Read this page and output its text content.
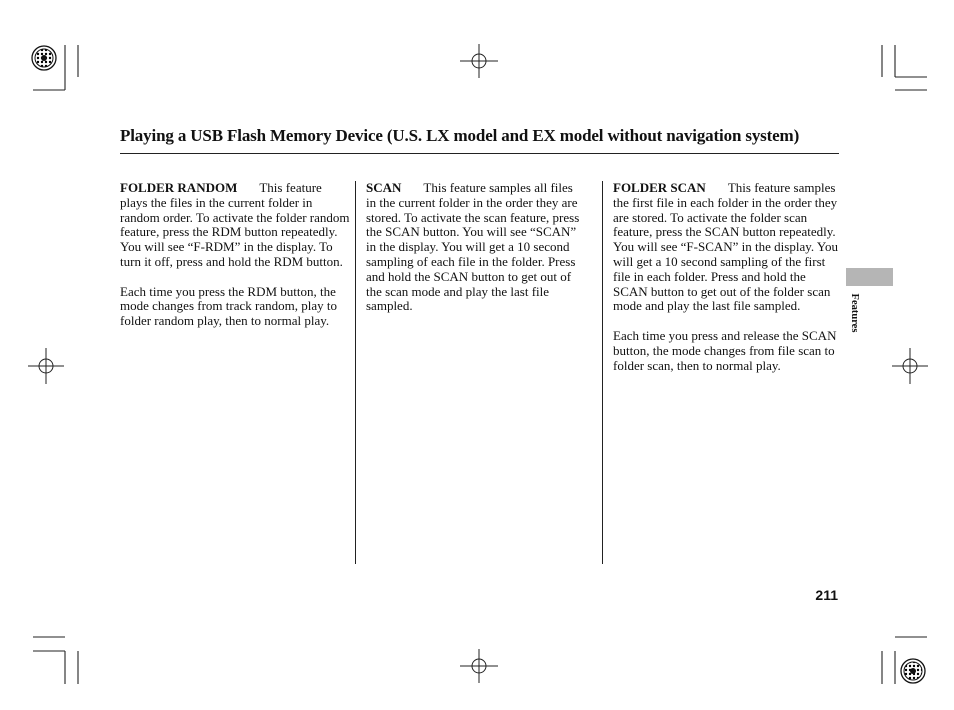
Playing a USB Flash Memory Device (U.S. LX model and EX model without navigation system)

FOLDER RANDOM This feature plays the files in the current folder in random order. To activate the folder random feature, press the RDM button repeatedly. You will see “F-RDM” in the display. To turn it off, press and hold the RDM button.

Each time you press the RDM button, the mode changes from track random, play to folder random play, then to normal play.

SCAN This feature samples all files in the current folder in the order they are stored. To activate the scan feature, press the SCAN button. You will see “SCAN” in the display. You will get a 10 second sampling of each file in the folder. Press and hold the SCAN button to get out of the scan mode and play the last file sampled.

FOLDER SCAN This feature samples the first file in each folder in the order they are stored. To activate the folder scan feature, press the SCAN button repeatedly. You will see “F-SCAN” in the display. You will get a 10 second sampling of the first file in each folder. Press and hold the SCAN button to get out of the folder scan mode and play the last file sampled.

Each time you press and release the SCAN button, the mode changes from file scan to folder scan, then to normal play.

Features
211
